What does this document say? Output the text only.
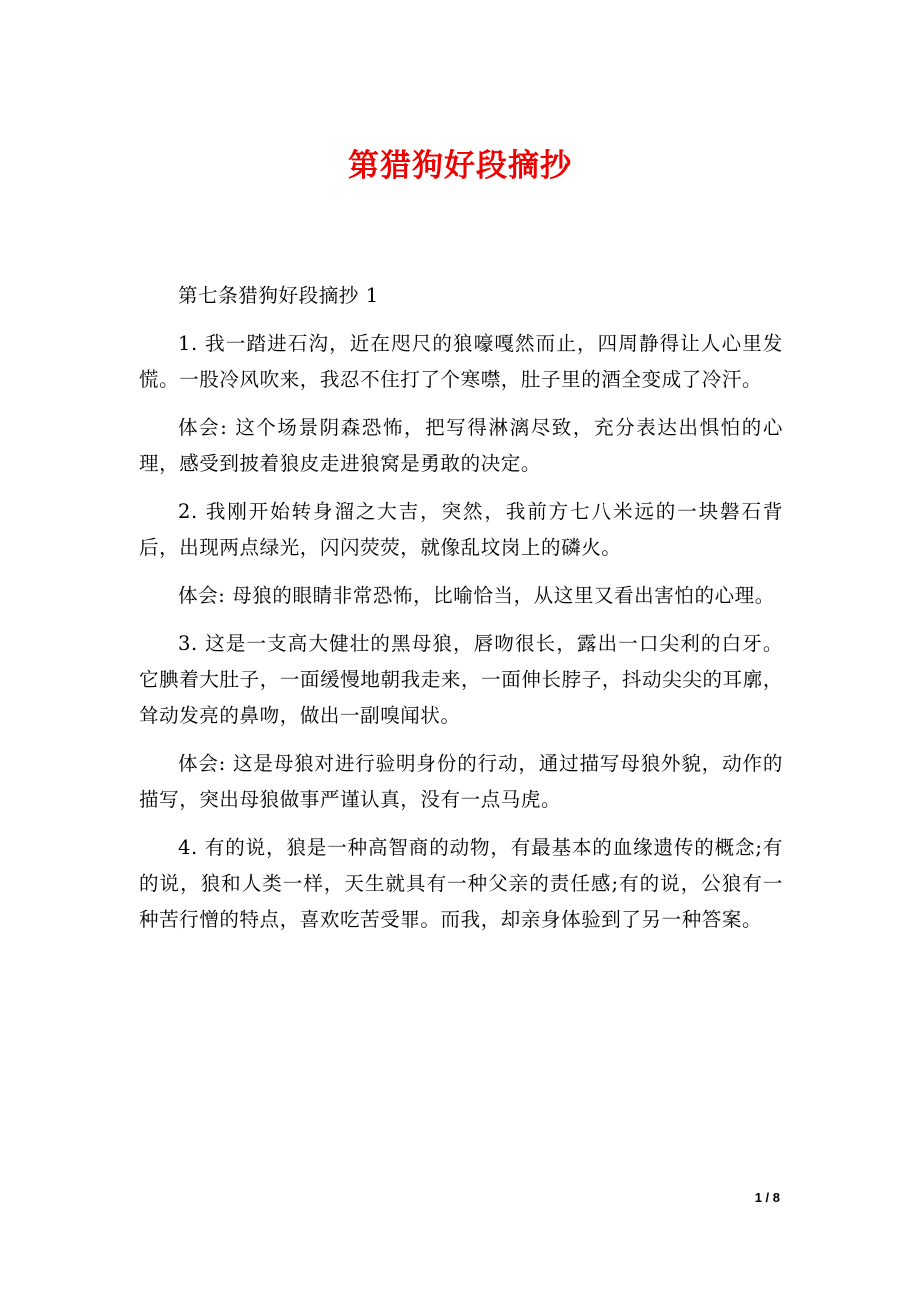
第猎狗好段摘抄

第七条猎狗好段摘抄 1

1. 我一踏进石沟，近在咫尺的狼嚎嘎然而止，四周静得让人心里发慌。一股冷风吹来，我忍不住打了个寒噤，肚子里的酒全变成了冷汗。

体会: 这个场景阴森恐怖，把写得淋漓尽致，充分表达出惧怕的心理，感受到披着狼皮走进狼窝是勇敢的决定。

2. 我刚开始转身溜之大吉，突然，我前方七八米远的一块磐石背后，出现两点绿光，闪闪荧荧，就像乱坟岗上的磷火。

体会: 母狼的眼睛非常恐怖，比喻恰当，从这里又看出害怕的心理。

3. 这是一支高大健壮的黑母狼，唇吻很长，露出一口尖利的白牙。它腆着大肚子，一面缓慢地朝我走来，一面伸长脖子，抖动尖尖的耳廓，耸动发亮的鼻吻，做出一副嗅闻状。

体会: 这是母狼对进行验明身份的行动，通过描写母狼外貌，动作的描写，突出母狼做事严谨认真，没有一点马虎。

4. 有的说，狼是一种高智商的动物，有最基本的血缘遗传的概念;有的说，狼和人类一样，天生就具有一种父亲的责任感;有的说，公狼有一种苦行憎的特点，喜欢吃苦受罪。而我，却亲身体验到了另一种答案。

1 / 8
